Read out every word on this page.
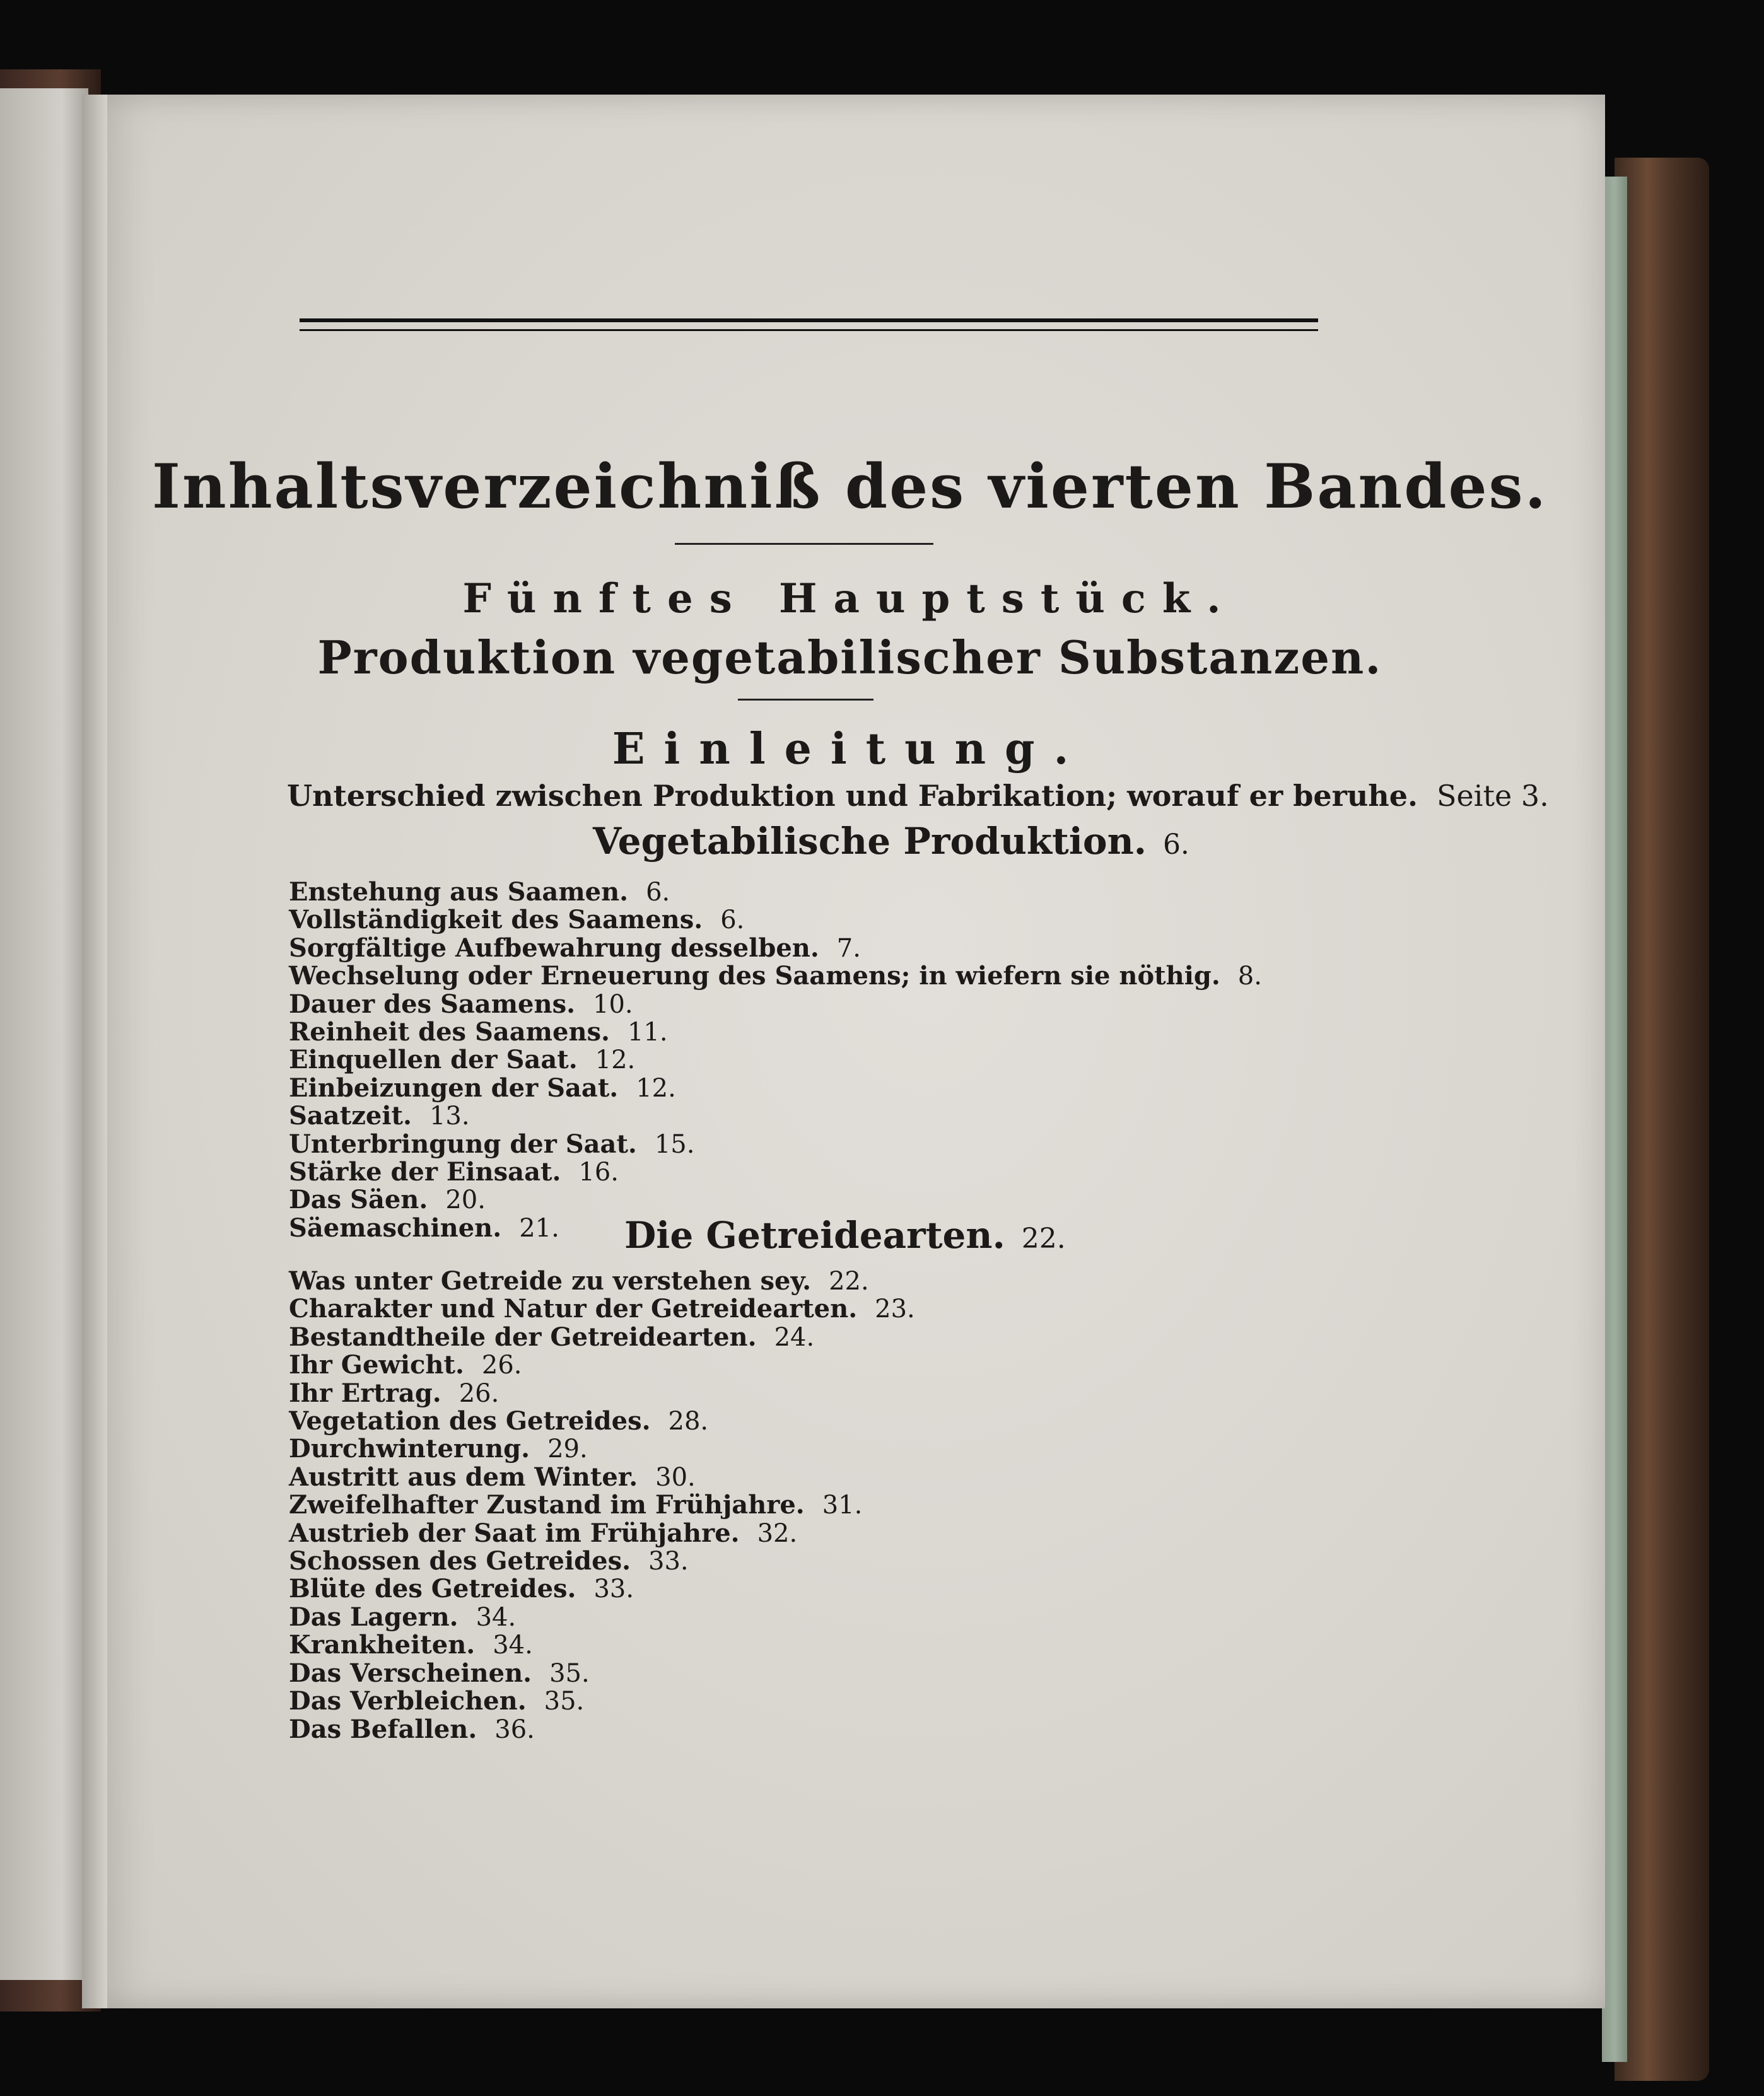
Inhaltsverzeichniß des vierten Bandes.
Fünftes Hauptstück.
Produktion vegetabilischer Substanzen.
Einleitung.
Unterschied zwischen Produktion und Fabrikation; worauf er beruhe. Seite 3.
Vegetabilische Produktion. 6.
Enstehung aus Saamen. 6.
Vollständigkeit des Saamens. 6.
Sorgfältige Aufbewahrung desselben. 7.
Wechselung oder Erneuerung des Saamens; in wiefern sie nöthig. 8.
Dauer des Saamens. 10.
Reinheit des Saamens. 11.
Einquellen der Saat. 12.
Einbeizungen der Saat. 12.
Saatzeit. 13.
Unterbringung der Saat. 15.
Stärke der Einsaat. 16.
Das Säen. 20.
Säemaschinen. 21.	Die Getreidearten. 22.
Was unter Getreide zu verstehen sey. 22.
Charakter und Natur der Getreidearten. 23.
Bestandtheile der Getreidearten. 24.
Ihr Gewicht. 26.
Ihr Ertrag. 26.
Vegetation des Getreides. 28.
Durchwinterung. 29.
Austritt aus dem Winter. 30.
Zweifelhafter Zustand im Frühjahre. 31.
Austrieb der Saat im Frühjahre. 32.
Schossen des Getreides. 33.
Blüte des Getreides. 33.
Das Lagern. 34.
Krankheiten. 34.
Das Verscheinen. 35.
Das Verbleichen. 35.
Das Befallen. 36.
